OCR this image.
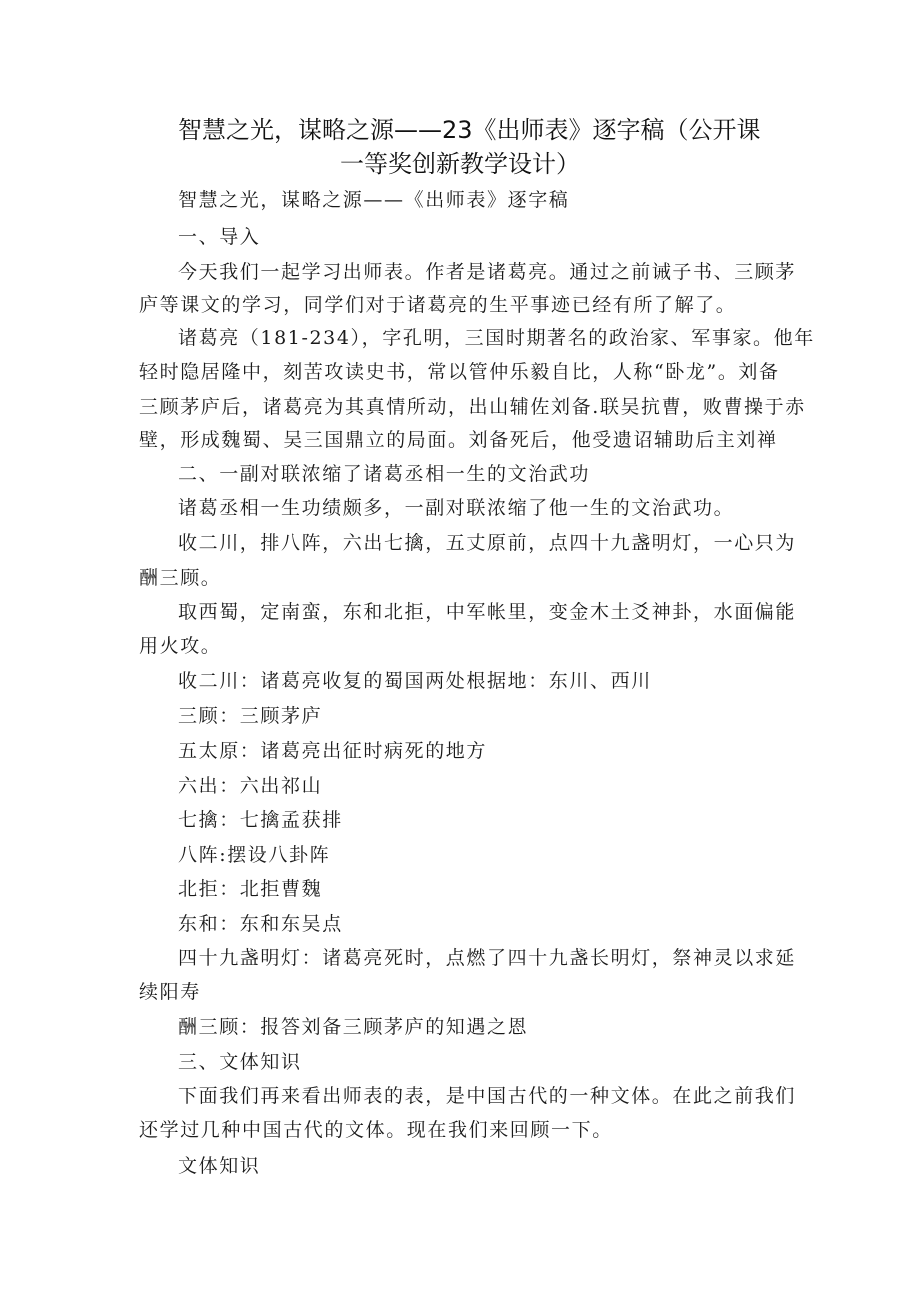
智慧之光，谋略之源——23《出师表》逐字稿（公开课
一等奖创新教学设计）
智慧之光，谋略之源——《出师表》逐字稿
一、导入
今天我们一起学习出师表。作者是诸葛亮。通过之前诫子书、三顾茅
庐等课文的学习，同学们对于诸葛亮的生平事迹已经有所了解了。
诸葛亮（181-234），字孔明，三国时期著名的政治家、军事家。他年
轻时隐居隆中，刻苦攻读史书，常以管仲乐毅自比，人称“卧龙”。刘备
三顾茅庐后，诸葛亮为其真情所动，出山辅佐刘备.联吴抗曹，败曹操于赤
壁，形成魏蜀、吴三国鼎立的局面。刘备死后，他受遗诏辅助后主刘禅
二、一副对联浓缩了诸葛丞相一生的文治武功
诸葛丞相一生功绩颇多，一副对联浓缩了他一生的文治武功。
收二川，排八阵，六出七擒，五丈原前，点四十九盏明灯，一心只为
酬三顾。
取西蜀，定南蛮，东和北拒，中军帐里，变金木土爻神卦，水面偏能
用火攻。
收二川：诸葛亮收复的蜀国两处根据地：东川、西川
三顾：三顾茅庐
五太原：诸葛亮出征时病死的地方
六出：六出祁山
七擒：七擒孟获排
八阵:摆设八卦阵
北拒：北拒曹魏
东和：东和东吴点
四十九盏明灯：诸葛亮死时，点燃了四十九盏长明灯，祭神灵以求延
续阳寿
酬三顾：报答刘备三顾茅庐的知遇之恩
三、文体知识
下面我们再来看出师表的表，是中国古代的一种文体。在此之前我们
还学过几种中国古代的文体。现在我们来回顾一下。
文体知识
